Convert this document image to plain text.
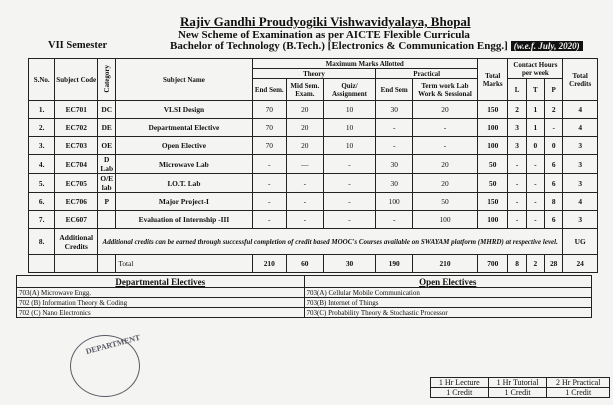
Rajiv Gandhi Proudyogiki Vishwavidyalaya, Bhopal
New Scheme of Examination as per AICTE Flexible Curricula
Bachelor of Technology (B.Tech.) [Electronics & Communication Engg.] (w.e.f. July, 2020)
VII Semester
S.No.	Subject Code	Category	Subject Name	Maximum Marks Allotted					Total Marks	Contact Hours per week			Total Credits
				Theory			Practical						
				End Sem.	Mid Sem. Exam.	Quiz/ Assignment	End Sem	Term work Lab Work & Sessional		L	T	P	
1.	EC701	DC	VLSI Design	70	20	10	30	20	150	2	1	2	4
2.	EC702	DE	Departmental Elective	70	20	10	-	-	100	3	1	-	4
3.	EC703	OE	Open Elective	70	20	10	-	-	100	3	0	0	3
4.	EC704	D Lab	Microwave Lab	-	—	-	30	20	50	-	-	6	3
5.	EC705	O/E lab	I.O.T. Lab	-	-	-	30	20	50	-	-	6	3
6.	EC706	P	Major Project-I	-	-	-	100	50	150	-	-	8	4
7.	EC607		Evaluation of Internship -III	-	-	-	-	100	100	-	-	6	3
8.	Additional Credits	Additional credits can be earned through successful completion of credit based MOOC's Courses available on SWAYAM platform (MHRD) at respective level.											UG
			Total	210	60	30	190	210	700	8	2	28	24
Departmental Electives	Open Electives
703(A) Microwave Engg.	703(A) Cellular Mobile Communication
702 (B) Information Theory & Coding	703(B) Internet of Things
702 (C) Nano Electronics	703(C) Probability Theory & Stochastic Processor
DEPARTMENT
1 Hr Lecture	1 Hr Tutorial	2 Hr Practical
1 Credit	1 Credit	1 Credit
